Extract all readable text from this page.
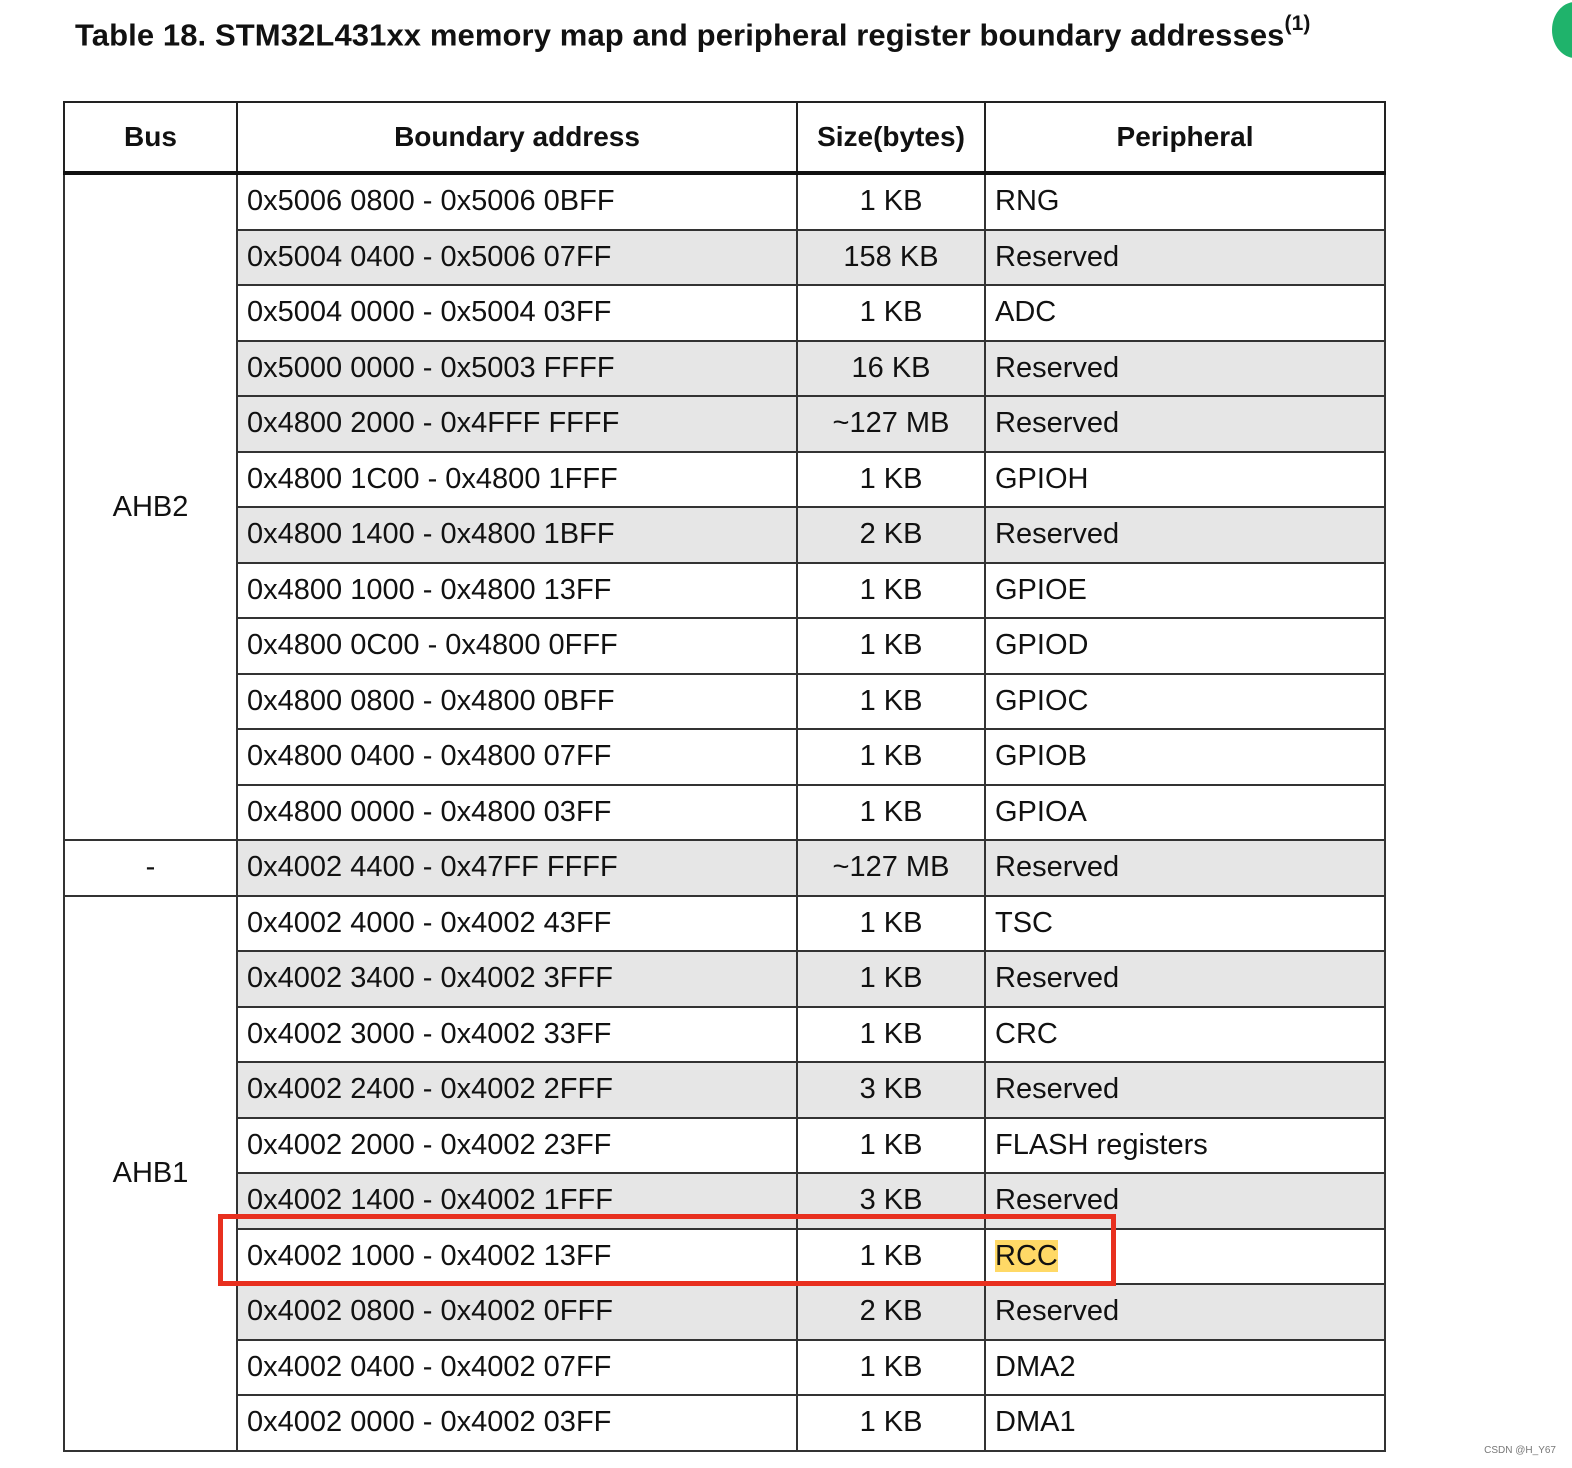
Table 18. STM32L431xx memory map and peripheral register boundary addresses$^{(1)}$
Bus	Boundary address	Size(bytes)	Peripheral
AHB2	0x5006 0800 - 0x5006 0BFF	1 KB	RNG
	0x5004 0400 - 0x5006 07FF	158 KB	Reserved
	0x5004 0000 - 0x5004 03FF	1 KB	ADC
	0x5000 0000 - 0x5003 FFFF	16 KB	Reserved
	0x4800 2000 - 0x4FFF FFFF	~127 MB	Reserved
	0x4800 1C00 - 0x4800 1FFF	1 KB	GPIOH
	0x4800 1400 - 0x4800 1BFF	2 KB	Reserved
	0x4800 1000 - 0x4800 13FF	1 KB	GPIOE
	0x4800 0C00 - 0x4800 0FFF	1 KB	GPIOD
	0x4800 0800 - 0x4800 0BFF	1 KB	GPIOC
	0x4800 0400 - 0x4800 07FF	1 KB	GPIOB
	0x4800 0000 - 0x4800 03FF	1 KB	GPIOA
-	0x4002 4400 - 0x47FF FFFF	~127 MB	Reserved
AHB1	0x4002 4000 - 0x4002 43FF	1 KB	TSC
	0x4002 3400 - 0x4002 3FFF	1 KB	Reserved
	0x4002 3000 - 0x4002 33FF	1 KB	CRC
	0x4002 2400 - 0x4002 2FFF	3 KB	Reserved
	0x4002 2000 - 0x4002 23FF	1 KB	FLASH registers
	0x4002 1400 - 0x4002 1FFF	3 KB	Reserved
	0x4002 1000 - 0x4002 13FF	1 KB	RCC
	0x4002 0800 - 0x4002 0FFF	2 KB	Reserved
	0x4002 0400 - 0x4002 07FF	1 KB	DMA2
	0x4002 0000 - 0x4002 03FF	1 KB	DMA1
CSDN @H_Y67
